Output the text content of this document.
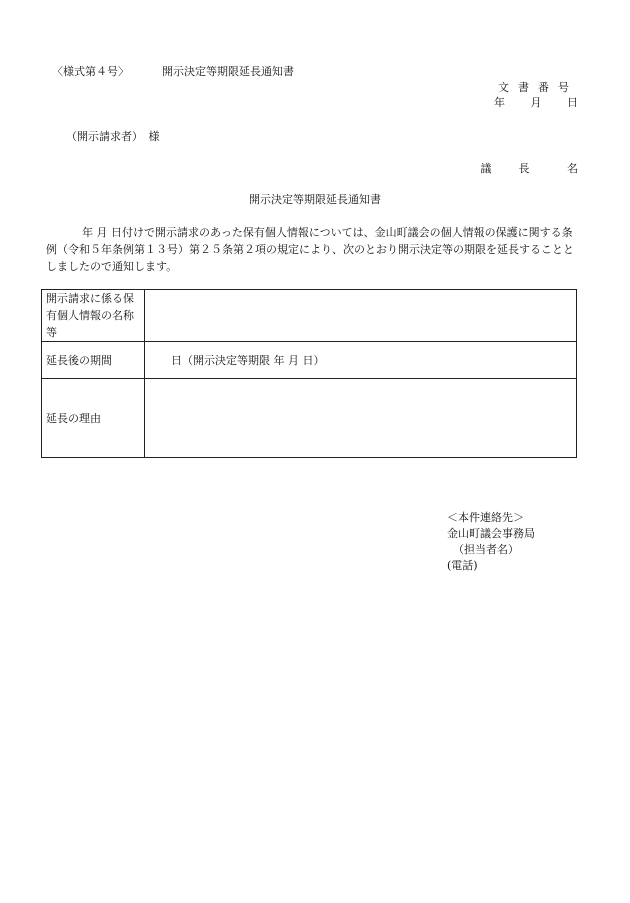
〈様式第４号〉	開示決定等期限延長通知書
文書番号
年 月 日
（開示請求者）　様
議　長	名
開示決定等期限延長通知書

年 月 日付けで開示請求のあった保有個人情報については、金山町議会の個人情報の保護に関する条例（令和５年条例第１３号）第２５条第２項の規定により、次のとおり開示決定等の期限を延長することとしましたので通知します。

開示請求に係る保有個人情報の名称等	
延長後の期間	日（開示決定等期限 年 月 日）
延長の理由	
＜本件連絡先＞
金山町議会事務局
（担当者名）
(電話)
